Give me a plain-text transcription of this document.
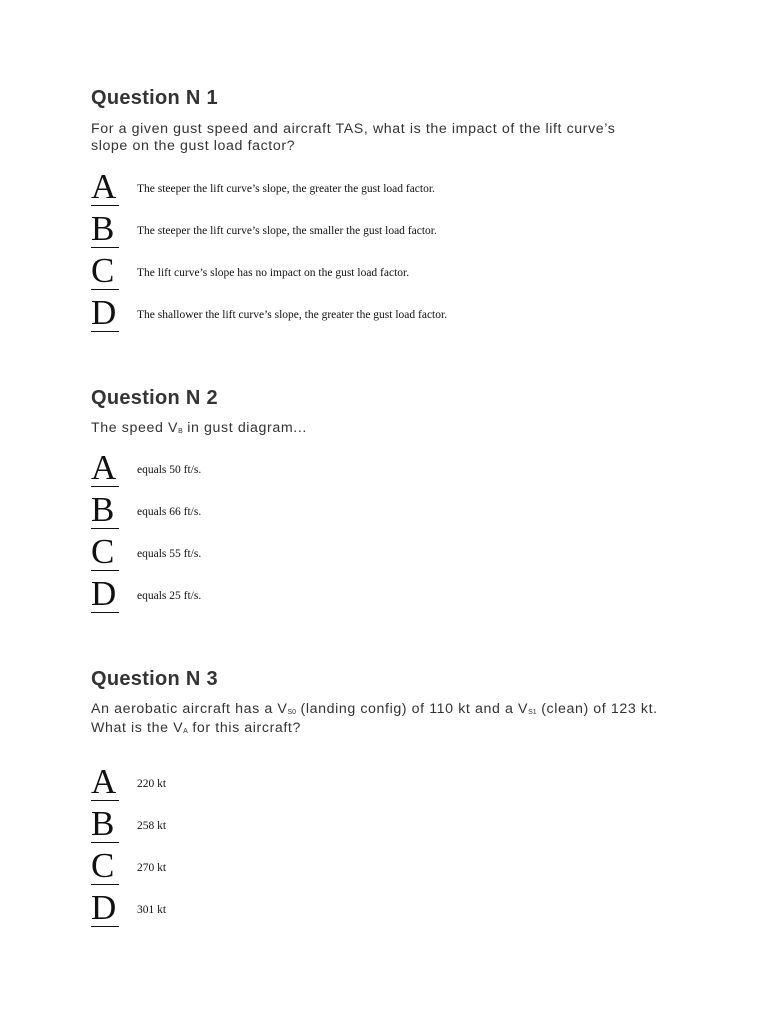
Question N 1

For a given gust speed and aircraft TAS, what is the impact of the lift curve’s slope on the gust load factor?

A The steeper the lift curve’s slope, the greater the gust load factor.
B	The steeper the lift curve’s slope, the smaller the gust load factor.
C	The lift curve’s slope has no impact on the gust load factor.
D The shallower the lift curve’s slope, the greater the gust load factor.
Question N 2

The speed $V_B$ in gust diagram...

A equals 50 ft/s.
B	equals 66 ft/s.
C	equals 55 ft/s.
D equals 25 ft/s.
Question N 3

An aerobatic aircraft has a $V_{S0}$ (landing config) of 110 kt and a $V_{S1}$ (clean) of 123 kt.
What is the $V_A$ for this aircraft?

A 220 kt
B	258 kt
C	270 kt
D 301 kt
